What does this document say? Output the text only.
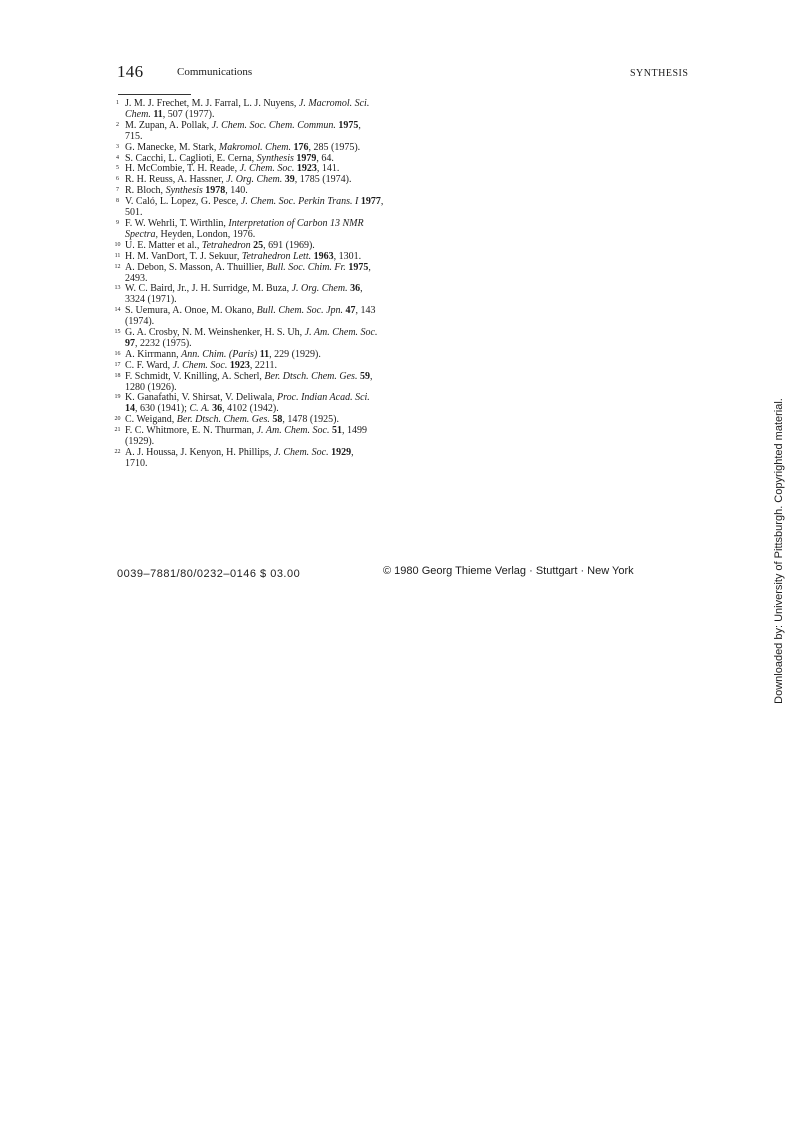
146	Communications	SYNTHESIS
1 J. M. J. Frechet, M. J. Farral, L. J. Nuyens, J. Macromol. Sci.
Chem. 11, 507 (1977).
2 M. Zupan, A. Pollak, J. Chem. Soc. Chem. Commun. 1975,
715.
3 G. Manecke, M. Stark, Makromol. Chem. 176, 285 (1975).
4 S. Cacchi, L. Caglioti, E. Cerna, Synthesis 1979, 64.
5 H. McCombie, T. H. Reade, J. Chem. Soc. 1923, 141.
6 R. H. Reuss, A. Hassner, J. Org. Chem. 39, 1785 (1974).
7 R. Bloch, Synthesis 1978, 140.
8 V. Caló, L. Lopez, G. Pesce, J. Chem. Soc. Perkin Trans. I 1977,
501.
9 F. W. Wehrli, T. Wirthlin, Interpretation of Carbon 13 NMR
Spectra, Heyden, London, 1976.
10 U. E. Matter et al., Tetrahedron 25, 691 (1969).
11 H. M. VanDort, T. J. Sekuur, Tetrahedron Lett. 1963, 1301.
12 A. Debon, S. Masson, A. Thuillier, Bull. Soc. Chim. Fr. 1975,
2493.
13 W. C. Baird, Jr., J. H. Surridge, M. Buza, J. Org. Chem. 36,
3324 (1971).
14 S. Uemura, A. Onoe, M. Okano, Bull. Chem. Soc. Jpn. 47, 143
(1974).
15 G. A. Crosby, N. M. Weinshenker, H. S. Uh, J. Am. Chem. Soc.
97, 2232 (1975).
16 A. Kirrmann, Ann. Chim. (Paris) 11, 229 (1929).
17 C. F. Ward, J. Chem. Soc. 1923, 2211.
18 F. Schmidt, V. Knilling, A. Scherl, Ber. Dtsch. Chem. Ges. 59,
1280 (1926).
19 K. Ganafathi, V. Shirsat, V. Deliwala, Proc. Indian Acad. Sci.
14, 630 (1941); C. A. 36, 4102 (1942).
20 C. Weigand, Ber. Dtsch. Chem. Ges. 58, 1478 (1925).
21 F. C. Whitmore, E. N. Thurman, J. Am. Chem. Soc. 51, 1499
(1929).
22 A. J. Houssa, J. Kenyon, H. Phillips, J. Chem. Soc. 1929,
1710.
0039–7881/80/0232–0146 $ 03.00	© 1980 Georg Thieme Verlag · Stuttgart · New York	Downloaded by: University of Pittsburgh. Copyrighted material.
